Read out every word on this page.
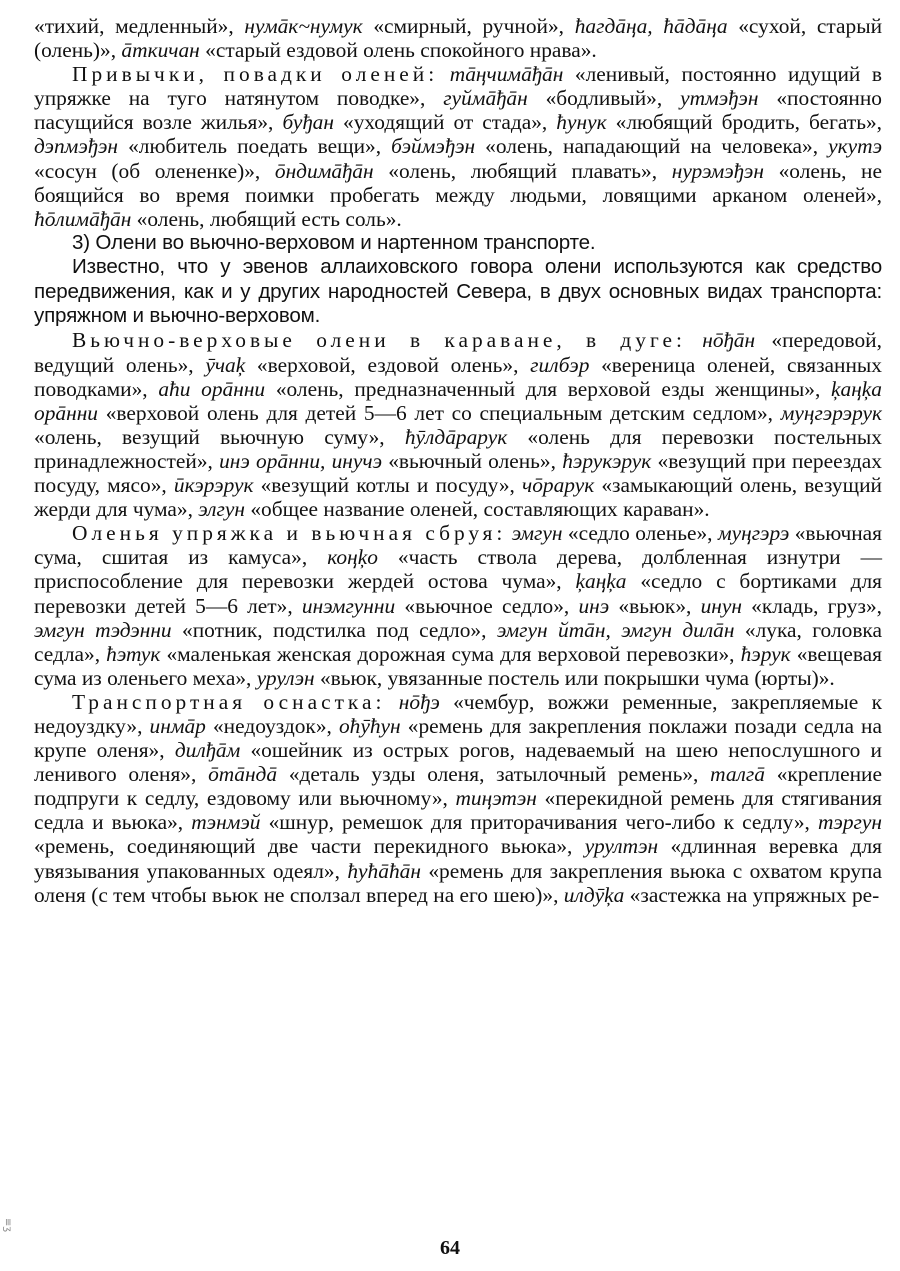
«тихий, медленный», нумāк~нумук «смирный, ручной», ħагдāңа, ħāдāңа «сухой, старый (олень)», āткичан «старый ездовой олень спокойного нрава».

Привычки, повадки оленей: тāңчимāђāн «ленивый, постоянно идущий в упряжке на тугo натянутом поводке», гуймāђāн «бодливый», утмэђэн «постоянно пасущийся возле жилья», буђан «уходящий от стада», ħунук «любящий бродить, бегать», дэпмэђэн «любитель поедать вещи», бэймэђэн «олень, нападающий на человека», укутэ «сосун (об олененке)», ōндимāђāн «олень, любящий плавать», нурэмэђэн «олень, не боящийся во время поимки пробегать между людьми, ловящими арканом оленей», ħōлимāђāн «олень, любящий есть соль».

3) Олени во вьючно-верховом и нартенном транспорте.

Известно, что у эвенов аллаиховского говора олени используются как средство передвижения, как и у других народностей Севера, в двух основных видах транспорта: упряжном и вьючно-верховом.

Вьючно-верховые олени в караване, в дуге: нōђāн «передовой, ведущий олень», ӯчаķ «верховой, ездовой олень», гилбэр «вереница оленей, связанных поводками», аħи орāнни «олень, предназначенный для верховой езды женщины», ķаңķа орāнни «верховой олень для детей 5—6 лет со специальным детским седлом», муңгэрэрук «олень, везущий вьючную суму», ħӯлдāрарук «олень для перевозки постельных принадлежностей», инэ орāнни, инучэ «вьючный олень», ħэрукэрук «везущий при переездах посуду, мясо», ӣкэрэрук «везущий котлы и посуду», чōрарук «замыкающий олень, везущий жерди для чума», элгун «общее название оленей, составляющих караван».

Оленья упряжка и вьючная сбруя: эмгун «седло оленье», муңгэрэ «вьючная сума, сшитая из камуса», коңķо «часть ствола дерева, долбленная изнутри — приспособление для перевозки жердей остова чума», ķаңķа «седло с бортиками для перевозки детей 5—6 лет», инэмгунни «вьючное седло», инэ «вьюк», инун «кладь, груз», эмгун тэдэнни «потник, подстилка под седло», эмгун йтāн, эмгун дилāн «лука, головка седла», ħэтук «маленькая женская дорожная сума для верховой перевозки», ħэрук «вещевая сума из оленьего меха», урулэн «вьюк, увязанные постель или покрышки чума (юрты)».

Транспортная оснастка: нōђэ «чембур, вожжи ременные, закрепляемые к недоуздку», инмāр «недоуздок», оħӯħун «ремень для закрепления поклажи позади седла на крупе оленя», дилђāм «ошейник из острых рогов, надеваемый на шею непослушного и ленивого оленя», ōтāндā «деталь узды оленя, затылочный ремень», талгā «крепление подпруги к седлу, ездовому или вьючному», тиңэтэн «перекидной ремень для стягивания седла и вьюка», тэнмэй «шнур, ремешок для приторачивания чего-либо к седлу», тэргун «ремень, соединяющий две части перекидного вьюка», урултэн «длинная веревка для увязывания упакованных одеял», ħуħāħāн «ремень для закрепления вьюка с охватом крупа оленя (с тем чтобы вьюк не сползал вперед на его шею)», илдӯķа «застежка на упряжных ре-

64
≡ʒ
